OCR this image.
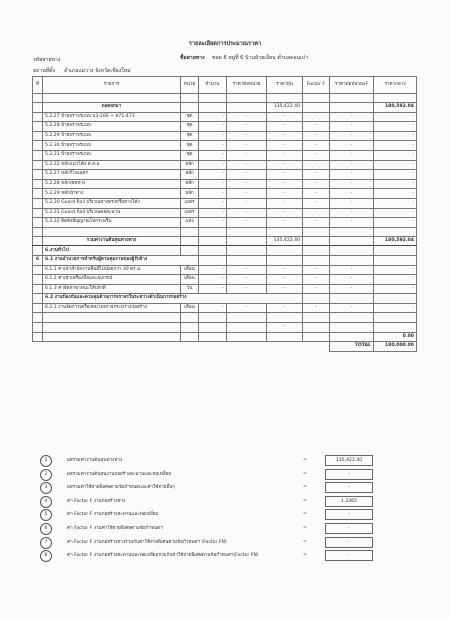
รายละเอียดการประมาณราคา
ชื่อสายทาง ซอย 8 หมู่ที่ 6 บ้านห้วยเอียน ตำบลดอนเปา
รหัสสายทาง
สถานที่ตั้ง อำเภอแม่วาง จังหวัดเชียงใหม่
ที่	รายการ	หน่วย	จำนวน	ราคาต่อหน่วย	ราคาทุน	Factor F	ราคาต่อหน่วยxF	ราคากลาง

	ถอดยกมา				135,422.40			180,592.04
	5.2.27 ป้ายจราจรแบบ บ3-166 + ต71-473	ชุด	-	-	-	-	-	-
	5.2.28 ป้ายจราจรแบบ	ชุด	-	-	-	-	-	-
	5.2.29 ป้ายจราจรแบบ	ชุด	-	-	-	-	-	-
	5.2.30 ป้ายจราจรแบบ	ชุด	-	-	-	-	-	-
	5.2.31 ป้ายจราจรแบบ	ชุด	-	-	-	-	-	-
	5.2.32 หลักแนวโค้ง ค.ส.ล.	หลัก	-	-	-	-	-	-
	5.2.27 หลักกิโลเมตร	หลัก	-	-	-	-	-	-
	5.2.28 หลักเขตทาง	หลัก	-	-	-	-	-	-
	5.2.29 หลักนำทาง	หลัก	-	-	-	-	-	-
	5.2.30 Guard Rail บริเวณทางตรงหรือทางโค้ง	เมตร	-	-	-	-	-	-
	5.2.31 Guard Rail บริเวณคอสะพาน	เมตร	-	-	-	-	-	-
	5.2.32 ติดตั้งสัญญาณไฟกระพริบ	แห่ง	-	-	-	-	-	-

	รวมค่างานต้นทุนทางทาง				135,422.40			180,592.04
	6.งานทั่วไป							
6	6.1 งานอำนวยการสำหรับผู้ควบคุมงานของผู้รับจ้าง							
	6.1.1 ค่าเช่าสำนักงานพื้นที่ไม่น้อยกว่า 30 ตร.ม.	เดือน	-	-	-	-	-	-
	6.1.2 ค่าเช่าเครื่องมือและอุปกรณ์	เดือน	-	-	-	-	-	-
	6.1.3 ค่าจัดหาพาหนะให้ปรกติ	วัน	-	-	-	-	-	-
	6.2 งานป้องกันและควบคุมด้านการจราจรในระหว่างดำเนินการก่อสร้าง							
	6.2.1 งานจัดการเครื่องหมายจราจรระหว่างก่อสร้าง	เดือน	-	-	-	-	-	-

					-			
								0.00
							TOTAL	180,000.00
1	ผลรวมค่างานต้นทุนทางทาง	=	135,422.40
2	ผลรวมค่างานต้นทุนงานก่อสร้างสะพานและท่อเหลี่ยม	=	-
3	ผลรวมค่าใช้จ่ายพิเศษตามข้อกำหนดและค่าใช้จ่ายอื่นๆ	=	-
4	ค่า Factor F งานก่อสร้างทาง	=	1.3365
5	ค่า Factor F งานก่อสร้างสะพานและท่อเหลี่ยม	=	-
6	ค่า Factor F งานค่าใช้จ่ายพิเศษตามข้อกำหนดฯ	=	-
7	ค่า Factor F งานก่อสร้างทางรวมกับค่าใช้จ่ายพิเศษตามข้อกำหนดฯ (Factor FN)	=	-
8	ค่า Factor F งานก่อสร้างสะพานและท่อเหลี่ยมรวมกับค่าใช้จ่ายพิเศษตามข้อกำหนดฯ(Factor FN)	=	-
